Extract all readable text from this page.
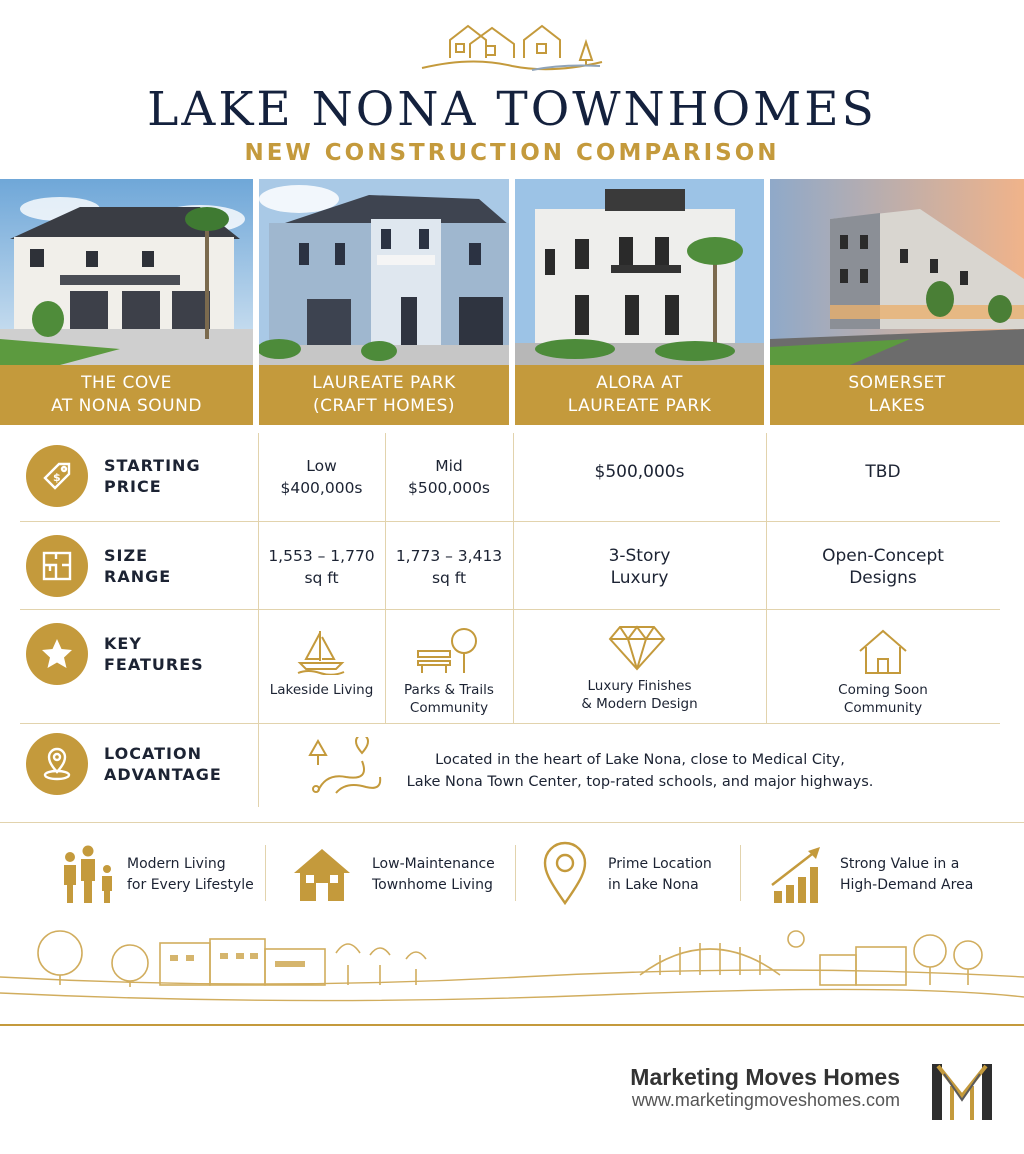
LAKE NONA TOWNHOMES
NEW CONSTRUCTION COMPARISON
THE COVE
AT NONA SOUND
LAUREATE PARK
(CRAFT HOMES)
ALORA AT
LAUREATE PARK
SOMERSET
LAKES
$
STARTING
PRICE
Low
$400,000s
Mid
$500,000s
$500,000s	TBD
SIZE
RANGE
1,553 – 1,770
sq ft
1,773 – 3,413
sq ft
3-Story
Luxury
Open-Concept
Designs
KEY
FEATURES
Lakeside Living	Parks & Trails
Community
Luxury Finishes
& Modern Design
Coming Soon
Community
LOCATION
ADVANTAGE
Located in the heart of Lake Nona, close to Medical City,
Lake Nona Town Center, top-rated schools, and major highways.
Modern Living
for Every Lifestyle
Low-Maintenance
Townhome Living
Prime Location
in Lake Nona
Strong Value in a
High-Demand Area
Marketing Moves Homes
www.marketingmoveshomes.com
